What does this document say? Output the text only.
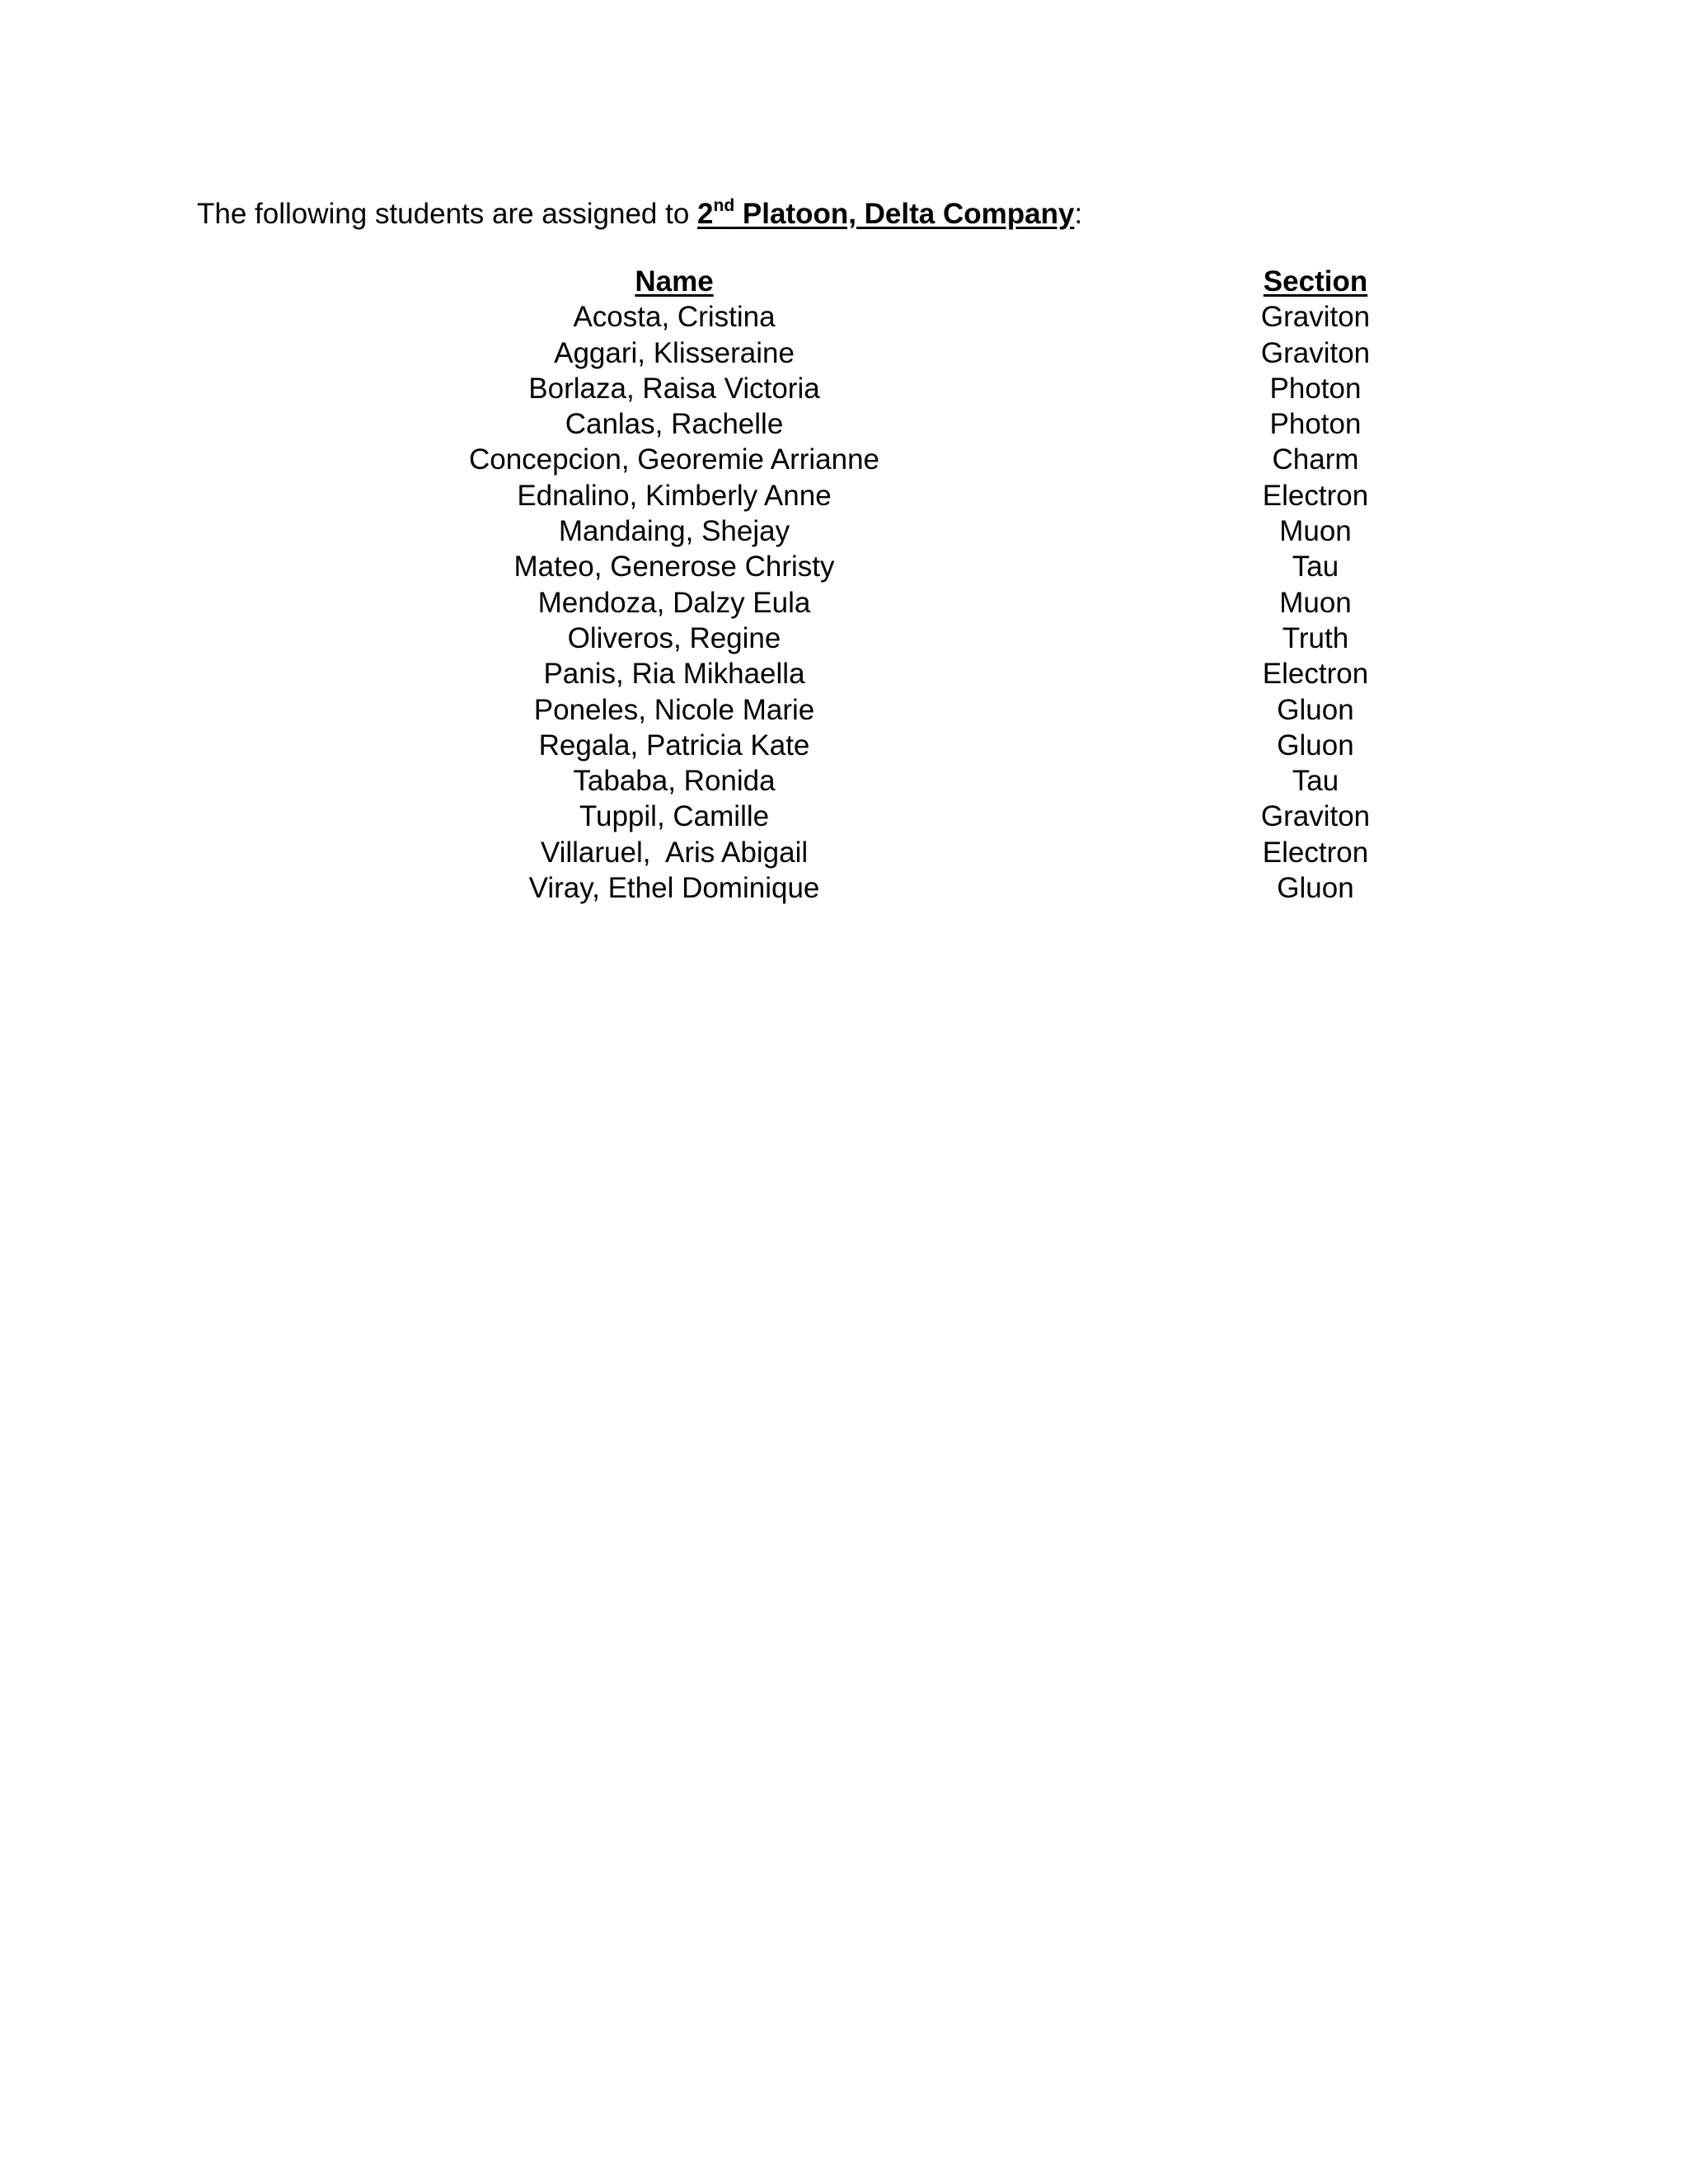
The following students are assigned to 2nd Platoon, Delta Company:
Name	Section
Acosta, Cristina	Graviton
Aggari, Klisseraine	Graviton
Borlaza, Raisa Victoria	Photon
Canlas, Rachelle	Photon
Concepcion, Georemie Arrianne	Charm
Ednalino, Kimberly Anne	Electron
Mandaing, Shejay	Muon
Mateo, Generose Christy	Tau
Mendoza, Dalzy Eula	Muon
Oliveros, Regine	Truth
Panis, Ria Mikhaella	Electron
Poneles, Nicole Marie	Gluon
Regala, Patricia Kate	Gluon
Tababa, Ronida	Tau
Tuppil, Camille	Graviton
Villaruel,  Aris Abigail	Electron
Viray, Ethel Dominique	Gluon
